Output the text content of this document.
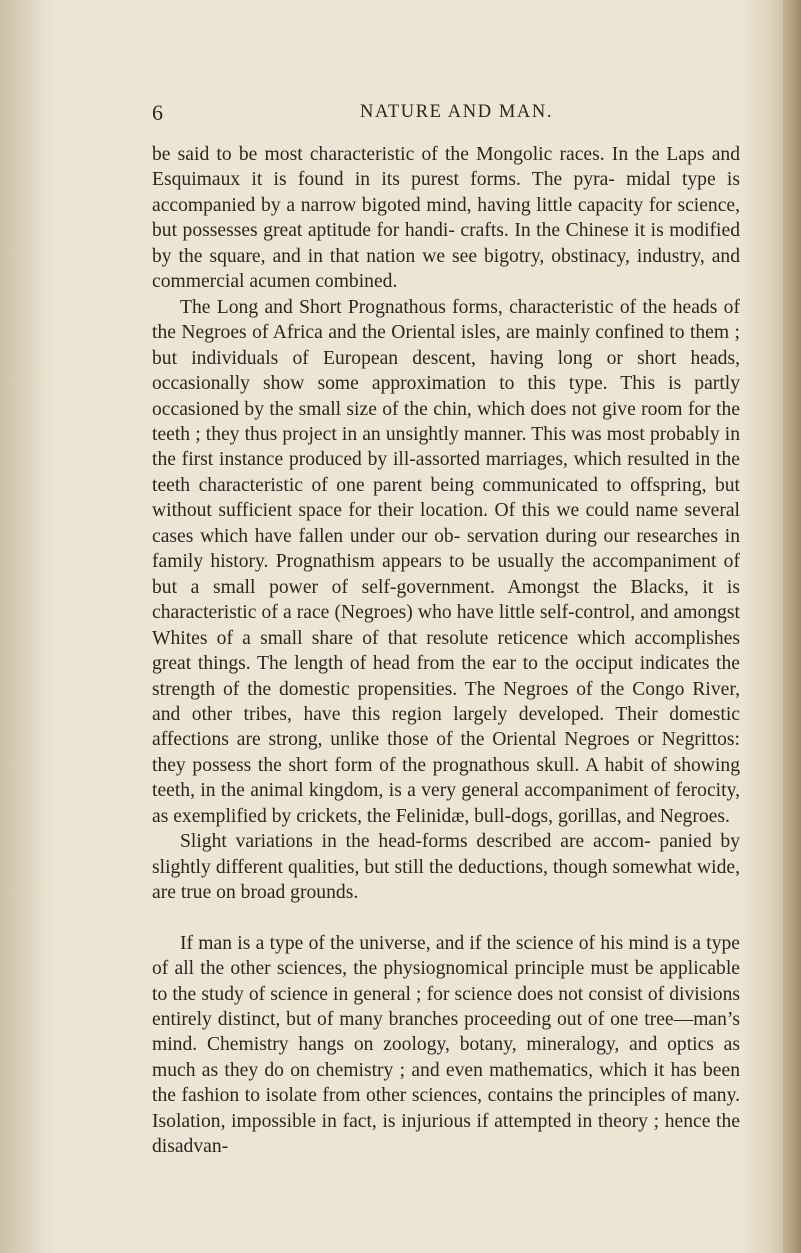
6	NATURE AND MAN.

be said to be most characteristic of the Mongolic races. In the Laps and Esquimaux it is found in its purest forms. The pyra- midal type is accompanied by a narrow bigoted mind, having little capacity for science, but possesses great aptitude for handi- crafts. In the Chinese it is modified by the square, and in that nation we see bigotry, obstinacy, industry, and commercial acumen combined.

The Long and Short Prognathous forms, characteristic of the heads of the Negroes of Africa and the Oriental isles, are mainly confined to them ; but individuals of European descent, having long or short heads, occasionally show some approximation to this type. This is partly occasioned by the small size of the chin, which does not give room for the teeth ; they thus project in an unsightly manner. This was most probably in the first instance produced by ill-assorted marriages, which resulted in the teeth characteristic of one parent being communicated to offspring, but without sufficient space for their location. Of this we could name several cases which have fallen under our ob- servation during our researches in family history. Prognathism appears to be usually the accompaniment of but a small power of self-government. Amongst the Blacks, it is characteristic of a race (Negroes) who have little self-control, and amongst Whites of a small share of that resolute reticence which accomplishes great things. The length of head from the ear to the occiput indicates the strength of the domestic propensities. The Negroes of the Congo River, and other tribes, have this region largely developed. Their domestic affections are strong, unlike those of the Oriental Negroes or Negrittos: they possess the short form of the prognathous skull. A habit of showing teeth, in the animal kingdom, is a very general accompaniment of ferocity, as exemplified by crickets, the Felinidæ, bull-dogs, gorillas, and Negroes.

Slight variations in the head-forms described are accom- panied by slightly different qualities, but still the deductions, though somewhat wide, are true on broad grounds.

If man is a type of the universe, and if the science of his mind is a type of all the other sciences, the physiognomical principle must be applicable to the study of science in general ; for science does not consist of divisions entirely distinct, but of many branches proceeding out of one tree—man’s mind. Chemistry hangs on zoology, botany, mineralogy, and optics as much as they do on chemistry ; and even mathematics, which it has been the fashion to isolate from other sciences, contains the principles of many. Isolation, impossible in fact, is injurious if attempted in theory ; hence the disadvan-
